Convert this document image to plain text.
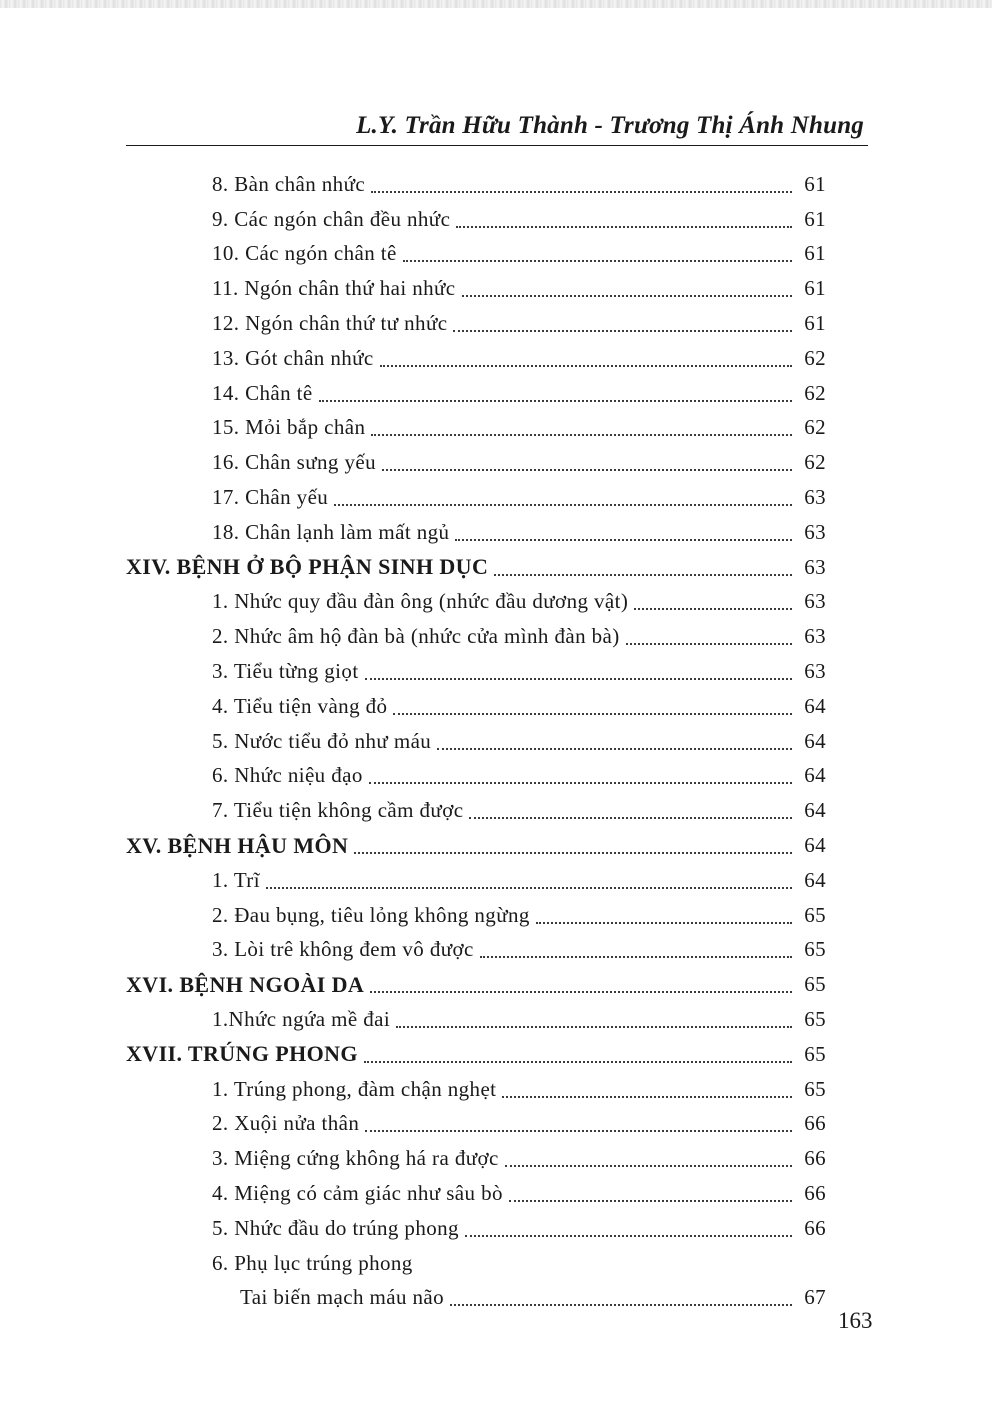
L.Y. Trần Hữu Thành - Trương Thị Ánh Nhung
8. Bàn chân nhức	61
9. Các ngón chân đều nhức	61
10. Các ngón chân tê	61
11. Ngón chân thứ hai nhức	61
12. Ngón chân thứ tư nhức	61
13. Gót chân nhức	62
14. Chân tê	62
15. Mỏi bắp chân	62
16. Chân sưng yếu	62
17. Chân yếu	63
18. Chân lạnh làm mất ngủ	63
XIV. BỆNH Ở BỘ PHẬN SINH DỤC	63
1. Nhức quy đầu đàn ông (nhức đầu dương vật)	63
2. Nhức âm hộ đàn bà (nhức cửa mình đàn bà)	63
3. Tiểu từng giọt	63
4. Tiểu tiện vàng đỏ	64
5. Nước tiểu đỏ như máu	64
6. Nhức niệu đạo	64
7. Tiểu tiện không cầm được	64
XV. BỆNH HẬU MÔN	64
1. Trĩ	64
2. Đau bụng, tiêu lỏng không ngừng	65
3. Lòi trê không đem vô được	65
XVI. BỆNH NGOÀI DA	65
1.Nhức ngứa mề đai	65
XVII. TRÚNG PHONG	65
1. Trúng phong, đàm chận nghẹt	65
2. Xuội nửa thân	66
3. Miệng cứng không há ra được	66
4. Miệng có cảm giác như sâu bò	66
5. Nhức đầu do trúng phong	66
6. Phụ lục trúng phong
Tai biến mạch máu não	67
163
